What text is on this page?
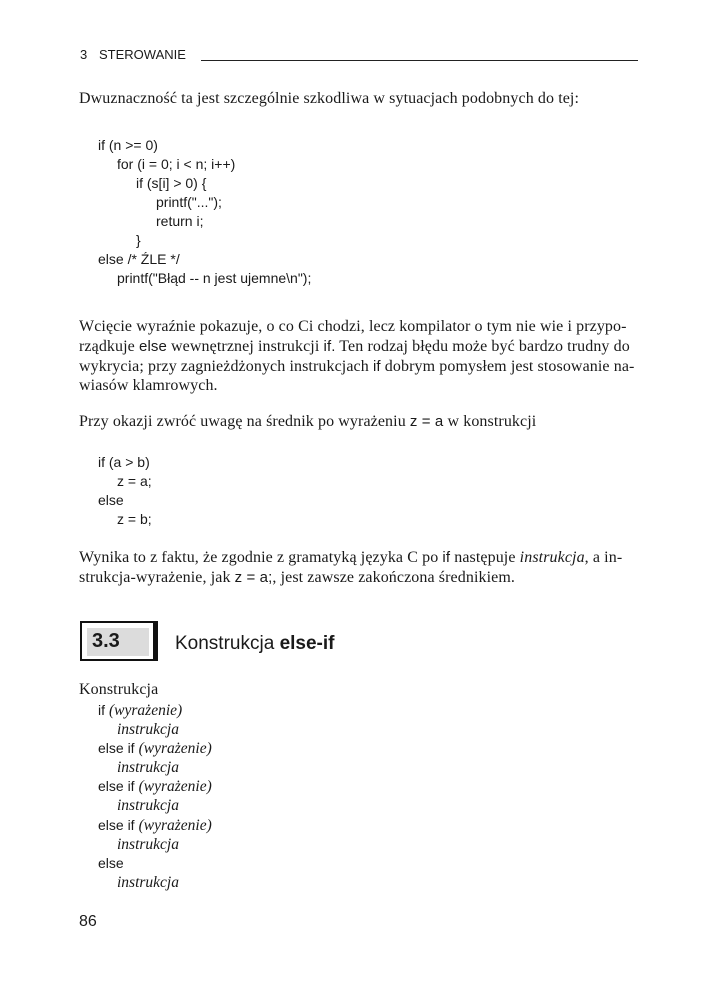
3 STEROWANIE
Dwuznaczność ta jest szczególnie szkodliwa w sytuacjach podobnych do tej:
if (n >= 0)
for (i = 0; i < n; i++)
if (s[i] > 0) {
printf("...");
return i;
}
else /* ŹLE */
printf("Błąd -- n jest ujemne\n");
Wcięcie wyraźnie pokazuje, o co Ci chodzi, lecz kompilator o tym nie wie i przypo-
rządkuje else wewnętrznej instrukcji if. Ten rodzaj błędu może być bardzo trudny do
wykrycia; przy zagnieżdżonych instrukcjach if dobrym pomysłem jest stosowanie na-
wiasów klamrowych.
Przy okazji zwróć uwagę na średnik po wyrażeniu z = a w konstrukcji
if (a > b)
z = a;
else
z = b;
Wynika to z faktu, że zgodnie z gramatyką języka C po if następuje instrukcja, a in-
strukcja-wyrażenie, jak z = a;, jest zawsze zakończona średnikiem.
3.3	Konstrukcja else-if
Konstrukcja
if (wyrażenie)
instrukcja
else if (wyrażenie)
instrukcja
else if (wyrażenie)
instrukcja
else if (wyrażenie)
instrukcja
else
instrukcja
86
